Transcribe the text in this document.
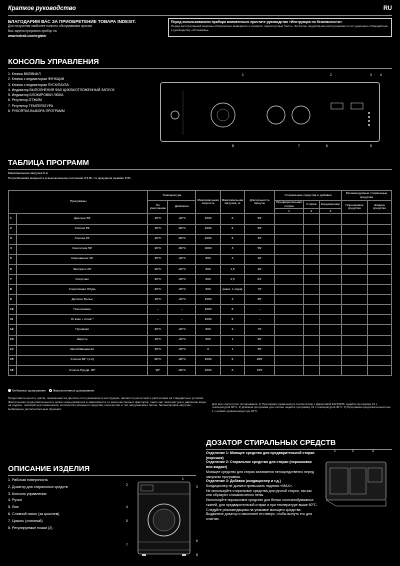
Краткое руководство	RU
БЛАГОДАРИМ ВАС ЗА ПРИОБРЕТЕНИЕ ТОВАРА INDESIT.
Для получения наиболее полного обслуживания просим
Вас зарегистрировать прибор на
www.indesit.com/register
Перед использованием прибора внимательно прочтите руководство «Инструкция по безопасности».
Перед эксплуатацией машины обязательно выверните и снимите транспортные болты. За более подробными инструкциями по их удалению обращайтесь к руководству «Установка».
КОНСОЛЬ УПРАВЛЕНИЯ
1. Кнопка ВКЛ/ВЫКЛ
2. Кнопка с индикатором ФУНКЦИИ
3. Кнопка с индикатором ПУСК/ПАУЗА
4. Индикатор ВЫПОЛНЕНИЯ ФАЗ ЦИКЛА/ОТЛОЖЕННЫЙ ЗАПУСК
5. Индикатор БЛОКИРОВКИ ЛЮКА
6. Регулятор ОТЖИМ
7. Регулятор ТЕМПЕРАТУРА
8. РУКОЯТКА ВЫБОРА ПРОГРАММ
1	2	3	4
8	7	6	5
ТАБЛИЦА ПРОГРАММ
Максимальная загрузка 6 кг
Потребляемая мощность в выключенном состоянии 0,5 Вт / в дежурном режиме 8 Вт
Программы		Температура		Максимальная скорость	Максимальная загрузка, кг	Длительность минуты	Стиральные средства и добавки			Рекомендуемые стиральные средства	
		По умолчанию	Диапазон				Предварительная стирка	Стирка	Кондиционер	Порошковое средство	Жидкое средство
							1	2	3		
1	Цветное 59'	40°C	-40°C	1000	6	59'					
2	Хлопок 59'	40°C	-60°C	1000	6	59'					
3	Хлопок 45'	40°C	-60°C	1000	6	45'					
4	Синтетика 59'	40°C	-60°C	1000	3	59'					
5	Смешанное 30'	30°C	-30°C	800	3	30'					
6	Экспресс 20'	20°C	-20°C	800	1,5	20'					
7	Спортзал	30°C	-30°C	600	2,5	81'					
8	Спортивная Обувь	30°C	-30°C	600	(макс. 1 пара)	76'					
9	Детское Белье	40°C	-40°C	1000	3	85'					
10	Полоскание	–	–	1000	6	–					
11	Отжим + Слив *	–	–	1000	6	–					
12	Пуховики	30°C	-30°C	800	2	70'					
13	Шерсть	40°C	-40°C	800	1	50'					
14	Шелк/Занавески	30°C	-30°C	0	1	55'					
15	Хлопок 60° (1-2)	60°C	-90°C	1000	6	250'					
16	Хлопок Предв. 90°	90°	-90°C	1000	6	155'					
Требуемое дозирование Факультативное дозирование
Продолжительность цикла, показанная на дисплее или указанная в инструкции, является расчетной и рассчитана на стандартные условия. Фактическая продолжительность может варьироваться в зависимости от многочисленных факторов, таких как температура и давление воды на подаче, температура помещения, количество моющего средства, количество и тип загружаемого белья, балансировка загрузки, выбранные дополнительные функции.
Для всех институтов тестирования: 1) Программа управления в соответствии с Директивой EN 60456: задайте программу 15 с температурой 60°C. 2) Длинная программа для хлопка: задайте программу 15 с температурой 40°C. 3) Программа продолжительностью 1 с низким уровнем воды при 30°C.
ОПИСАНИЕ ИЗДЕЛИЯ
1. Рабочая поверхность
2. Дозатор для стиральных средств
3. Консоль управления
4. Ручка
5. Люк
6. Сливной насос (за цоколем)
7. Цоколь (съемный)
8. Регулируемые ножки (2)
1
2	3
4
5
6
7
8
ДОЗАТОР СТИРАЛЬНЫХ СРЕДСТВ
Отделение 1: Моющее средство для предварительной стирки (порошок)
Отделение 2: Стиральное средство для стирки (порошковое или жидкое)
Моющее средство для стирки заливается непосредственно перед запуском программы.
Отделение 3: Добавки (кондиционер и т.д.)
Кондиционер не должен превышать надписи «MAX».
Не используйте стиральные средства для ручной стирки, так как они образуют слишком много пены.
Используйте порошковое средство для белых хлопчатобумажных тканей, для предварительной стирки и при температуре выше 60°C.
Следуйте рекомендациям на упаковке моющего средства.
Выдвиньте дозатор и наклоните его вверх, чтобы вынуть его для очистки.
1	2	3
